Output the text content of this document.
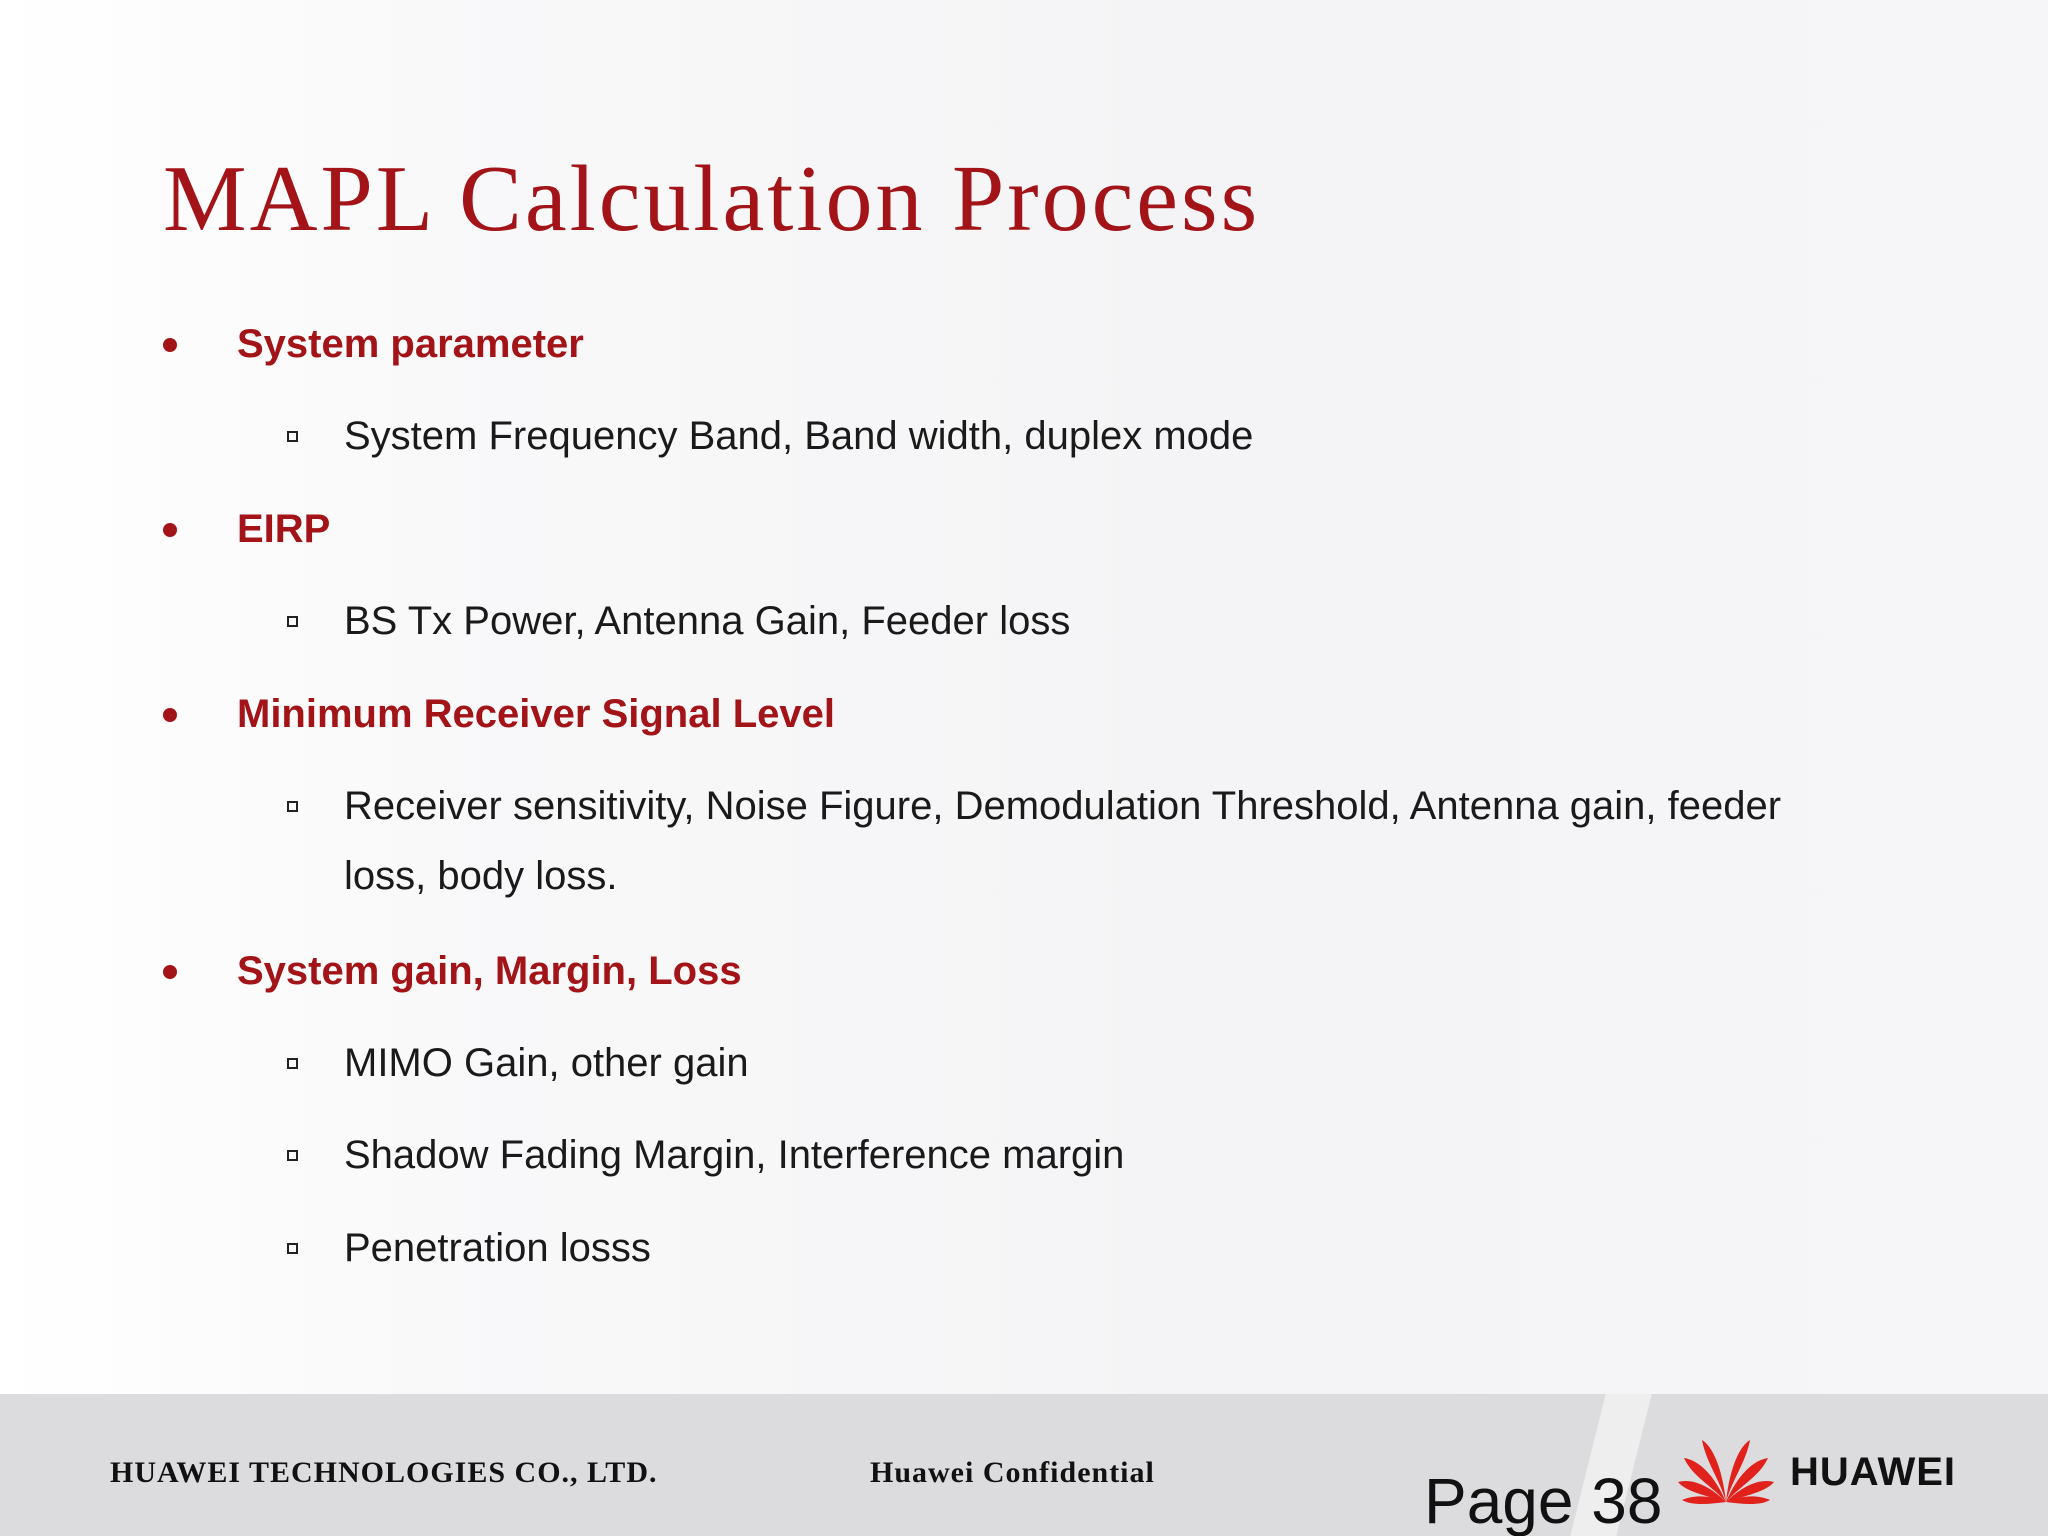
MAPL Calculation Process
System parameter
System Frequency Band, Band width, duplex mode
EIRP
BS Tx Power, Antenna Gain, Feeder loss
Minimum Receiver Signal Level
Receiver sensitivity, Noise Figure, Demodulation Threshold, Antenna gain, feeder loss, body loss.
System gain, Margin, Loss
MIMO Gain, other gain
Shadow Fading Margin, Interference margin
Penetration losss
HUAWEI TECHNOLOGIES CO., LTD.	Huawei Confidential	Page 38	HUAWEI
